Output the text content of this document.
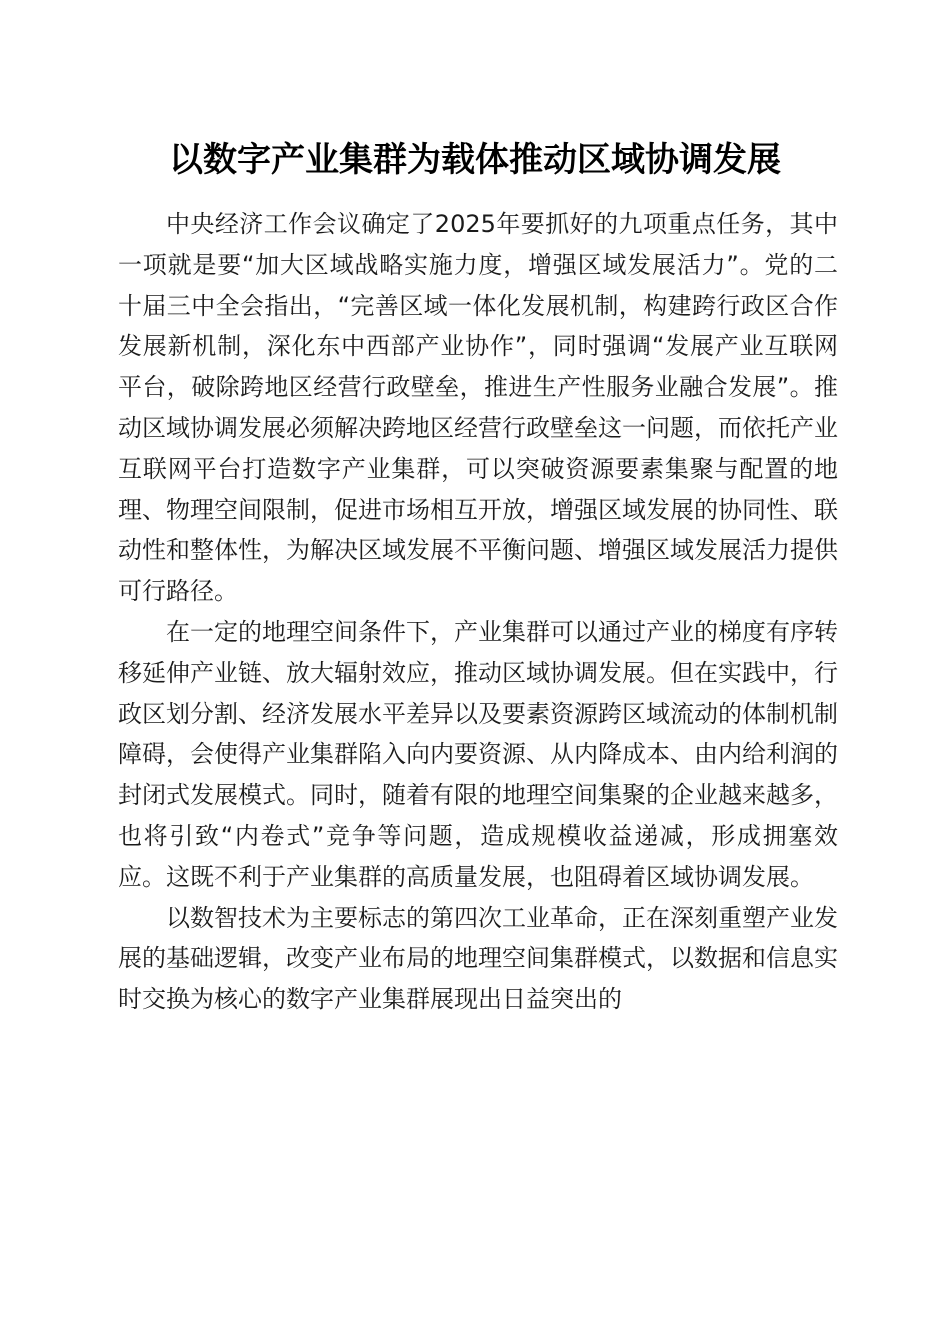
以数字产业集群为载体推动区域协调发展

中央经济工作会议确定了2025年要抓好的九项重点任务，其中一项就是要“加大区域战略实施力度，增强区域发展活力”。党的二十届三中全会指出，“完善区域一体化发展机制，构建跨行政区合作发展新机制，深化东中西部产业协作”，同时强调“发展产业互联网平台，破除跨地区经营行政壁垒，推进生产性服务业融合发展”。推动区域协调发展必须解决跨地区经营行政壁垒这一问题，而依托产业互联网平台打造数字产业集群，可以突破资源要素集聚与配置的地理、物理空间限制，促进市场相互开放，增强区域发展的协同性、联动性和整体性，为解决区域发展不平衡问题、增强区域发展活力提供可行路径。

在一定的地理空间条件下，产业集群可以通过产业的梯度有序转移延伸产业链、放大辐射效应，推动区域协调发展。但在实践中，行政区划分割、经济发展水平差异以及要素资源跨区域流动的体制机制障碍，会使得产业集群陷入向内要资源、从内降成本、由内给利润的封闭式发展模式。同时，随着有限的地理空间集聚的企业越来越多，也将引致“内卷式”竞争等问题，造成规模收益递减，形成拥塞效应。这既不利于产业集群的高质量发展，也阻碍着区域协调发展。

以数智技术为主要标志的第四次工业革命，正在深刻重塑产业发展的基础逻辑，改变产业布局的地理空间集群模式，以数据和信息实时交换为核心的数字产业集群展现出日益突出的
